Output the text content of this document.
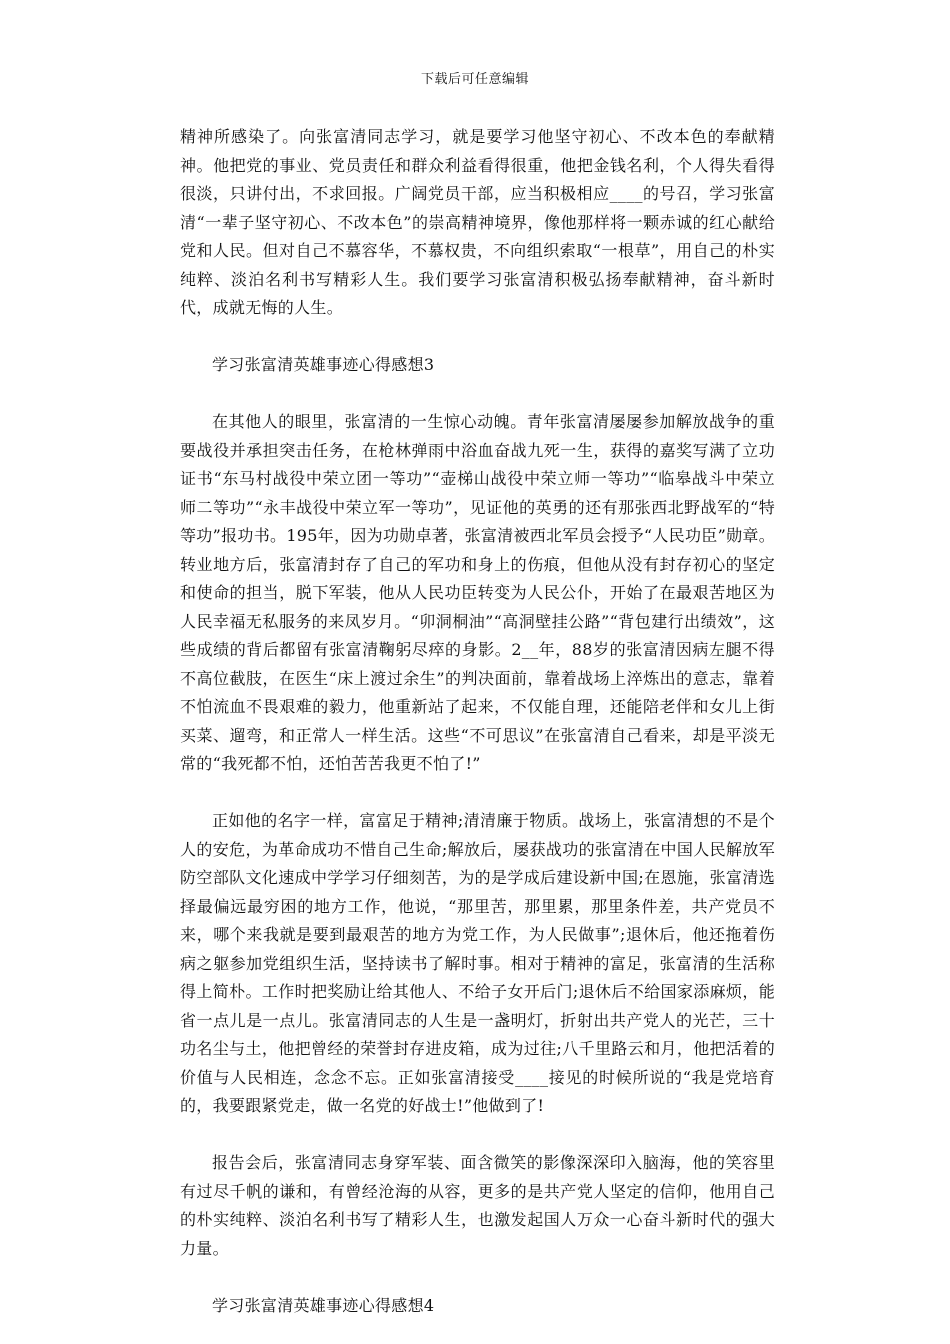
下载后可任意编辑

精神所感染了。向张富清同志学习，就是要学习他坚守初心、不改本色的奉献精神。他把党的事业、党员责任和群众利益看得很重，他把金钱名利，个人得失看得很淡，只讲付出，不求回报。广阔党员干部，应当积极相应____的号召，学习张富清“一辈子坚守初心、不改本色”的崇高精神境界，像他那样将一颗赤诚的红心献给党和人民。但对自己不慕容华，不慕权贵，不向组织索取“一根草”，用自己的朴实纯粹、淡泊名利书写精彩人生。我们要学习张富清积极弘扬奉献精神，奋斗新时代，成就无悔的人生。

学习张富清英雄事迹心得感想3

在其他人的眼里，张富清的一生惊心动魄。青年张富清屡屡参加解放战争的重要战役并承担突击任务，在枪林弹雨中浴血奋战九死一生，获得的嘉奖写满了立功证书“东马村战役中荣立团一等功”“壶梯山战役中荣立师一等功”“临皋战斗中荣立师二等功”“永丰战役中荣立军一等功”，见证他的英勇的还有那张西北野战军的“特等功”报功书。195年，因为功勋卓著，张富清被西北军员会授予“人民功臣”勋章。转业地方后，张富清封存了自己的军功和身上的伤痕，但他从没有封存初心的坚定和使命的担当，脱下军装，他从人民功臣转变为人民公仆，开始了在最艰苦地区为人民幸福无私服务的来凤岁月。“卯洞桐油”“高洞壁挂公路”“背包建行出绩效”，这些成绩的背后都留有张富清鞠躬尽瘁的身影。2__年，88岁的张富清因病左腿不得不高位截肢，在医生“床上渡过余生”的判决面前，靠着战场上淬炼出的意志，靠着不怕流血不畏艰难的毅力，他重新站了起来，不仅能自理，还能陪老伴和女儿上街买菜、遛弯，和正常人一样生活。这些“不可思议”在张富清自己看来，却是平淡无常的“我死都不怕，还怕苦苦我更不怕了!”

正如他的名字一样，富富足于精神;清清廉于物质。战场上，张富清想的不是个人的安危，为革命成功不惜自己生命;解放后，屡获战功的张富清在中国人民解放军防空部队文化速成中学学习仔细刻苦，为的是学成后建设新中国;在恩施，张富清选择最偏远最穷困的地方工作，他说，“那里苦，那里累，那里条件差，共产党员不来，哪个来我就是要到最艰苦的地方为党工作，为人民做事”;退休后，他还拖着伤病之躯参加党组织生活，坚持读书了解时事。相对于精神的富足，张富清的生活称得上简朴。工作时把奖励让给其他人、不给子女开后门;退休后不给国家添麻烦，能省一点儿是一点儿。张富清同志的人生是一盏明灯，折射出共产党人的光芒，三十功名尘与土，他把曾经的荣誉封存进皮箱，成为过往;八千里路云和月，他把活着的价值与人民相连，念念不忘。正如张富清接受____接见的时候所说的“我是党培育的，我要跟紧党走，做一名党的好战士!”他做到了!

报告会后，张富清同志身穿军装、面含微笑的影像深深印入脑海，他的笑容里有过尽千帆的谦和，有曾经沧海的从容，更多的是共产党人坚定的信仰，他用自己的朴实纯粹、淡泊名利书写了精彩人生，也激发起国人万众一心奋斗新时代的强大力量。

学习张富清英雄事迹心得感想4
